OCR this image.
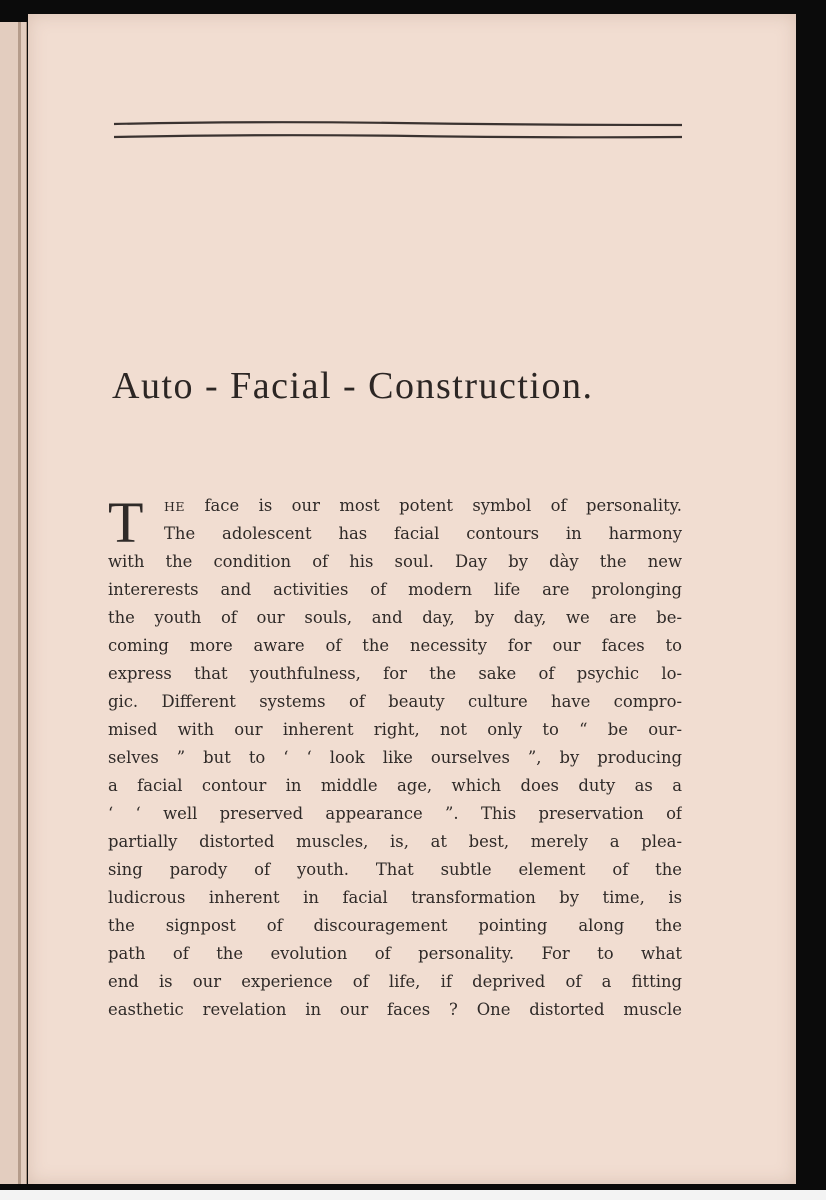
Auto - Facial - Construction.
T	HE face is our most potent symbol of personality.
The adolescent has facial contours in harmony
with the condition of his soul. Day by dày the new
intererests and activities of modern life are prolonging
the youth of our souls, and day, by day, we are be-
coming more aware of the necessity for our faces to
express that youthfulness, for the sake of psychic lo-
gic. Different systems of beauty culture have compro-
mised with our inherent right, not only to “ be our-
selves ” but to ‘ ‘ look like ourselves ”, by producing
a facial contour in middle age, which does duty as a
‘ ‘ well preserved appearance ”. This preservation of
partially distorted muscles, is, at best, merely a plea-
sing parody of youth. That subtle element of the
ludicrous inherent in facial transformation by time, is
the signpost of discouragement pointing along the
path of the evolution of personality. For to what
end is our experience of life, if deprived of a fitting
easthetic revelation in our faces ? One distorted muscle
